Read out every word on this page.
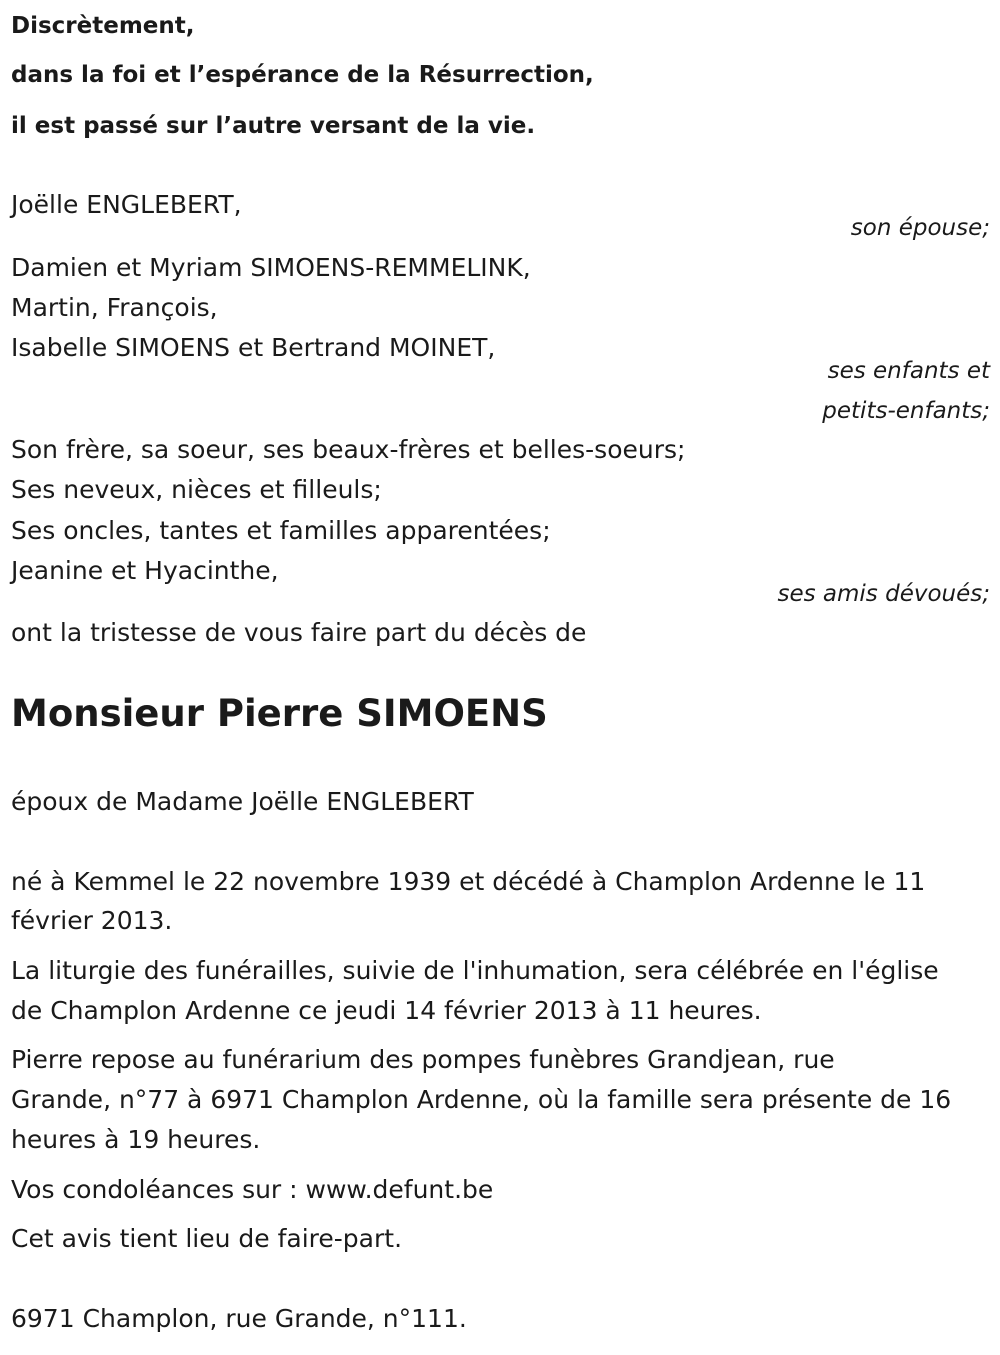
Discrètement,
dans la foi et l’espérance de la Résurrection,
il est passé sur l’autre versant de la vie.
Joëlle ENGLEBERT,
son épouse;
Damien et Myriam SIMOENS-REMMELINK,
Martin, François,
Isabelle SIMOENS et Bertrand MOINET,
ses enfants et
petits-enfants;
Son frère, sa soeur, ses beaux-frères et belles-soeurs;
Ses neveux, nièces et filleuls;
Ses oncles, tantes et familles apparentées;
Jeanine et Hyacinthe,
ses amis dévoués;
ont la tristesse de vous faire part du décès de
Monsieur Pierre SIMOENS
époux de Madame Joëlle ENGLEBERT
né à Kemmel le 22 novembre 1939 et décédé à Champlon Ardenne le 11
février 2013.
La liturgie des funérailles, suivie de l'inhumation, sera célébrée en l'église
de Champlon Ardenne ce jeudi 14 février 2013 à 11 heures.
Pierre repose au funérarium des pompes funèbres Grandjean, rue
Grande, n°77 à 6971 Champlon Ardenne, où la famille sera présente de 16
heures à 19 heures.
Vos condoléances sur : www.defunt.be
Cet avis tient lieu de faire-part.
6971 Champlon, rue Grande, n°111.
